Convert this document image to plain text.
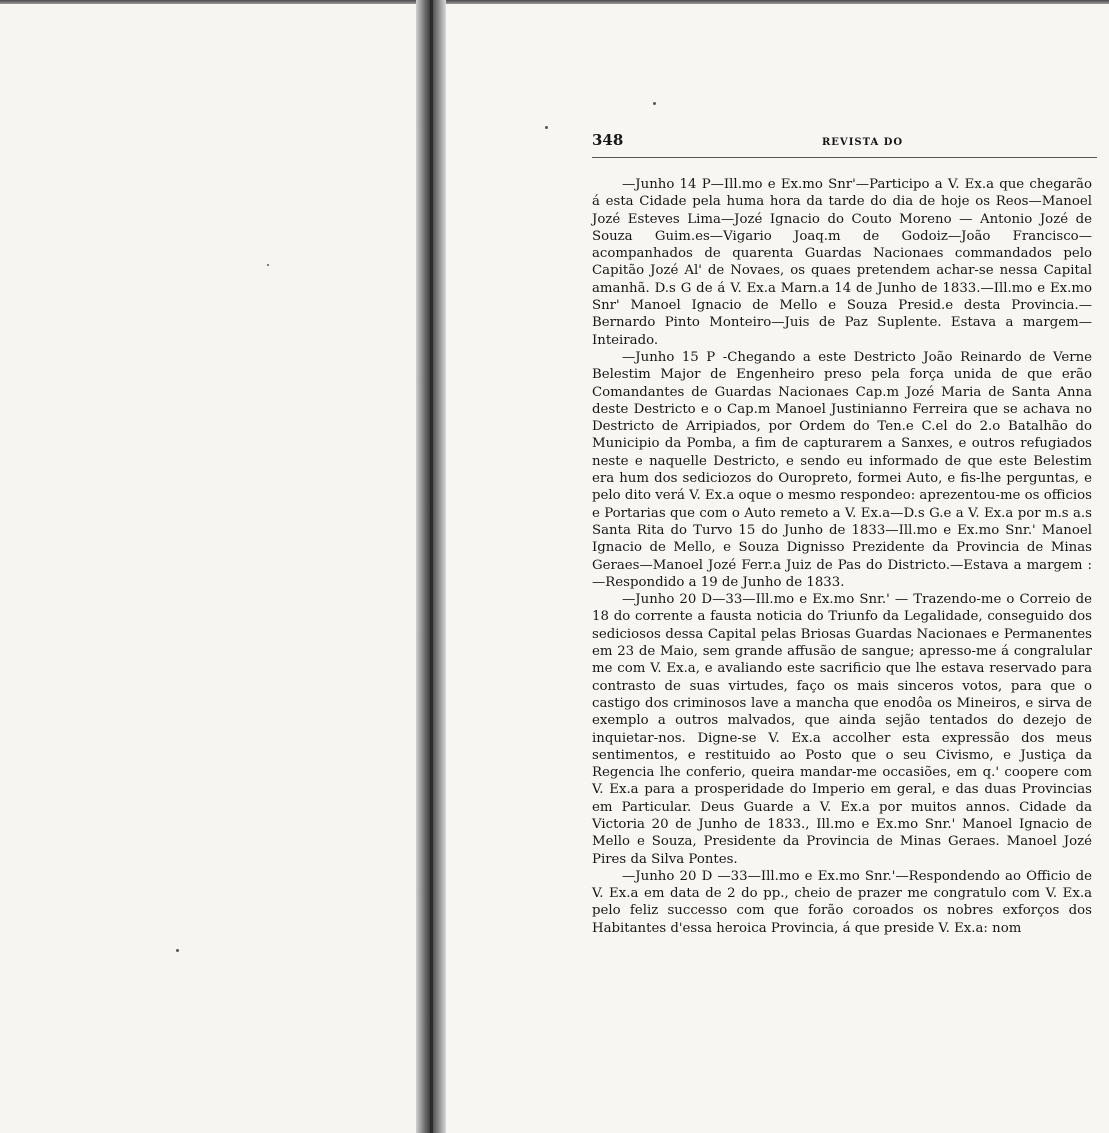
348	REVISTA DO

—Junho 14 P—Ill.mo e Ex.mo Snr'—Participo a V. Ex.a que chegarão á esta Cidade pela huma hora da tarde do dia de hoje os Reos—Manoel Jozé Esteves Lima—Jozé Ignacio do Couto Moreno — Antonio Jozé de Souza Guim.es—Vigario Joaq.m de Godoiz—João Francisco—acompanhados de quarenta Guardas Nacionaes commandados pelo Capitão Jozé Al' de Novaes, os quaes pretendem achar-se nessa Capital amanhã. D.s G de á V. Ex.a Marn.a 14 de Junho de 1833.—Ill.mo e Ex.mo Snr' Manoel Ignacio de Mello e Souza Presid.e desta Provincia.—Bernardo Pinto Monteiro—Juis de Paz Suplente. Estava a margem—Inteirado.

—Junho 15 P -Chegando a este Destricto João Reinardo de Verne Belestim Major de Engenheiro preso pela força unida de que erão Comandantes de Guardas Nacionaes Cap.m Jozé Maria de Santa Anna deste Destricto e o Cap.m Manoel Justinianno Ferreira que se achava no Destricto de Arripiados, por Ordem do Ten.e C.el do 2.o Batalhão do Municipio da Pomba, a fim de capturarem a Sanxes, e outros refugiados neste e naquelle Destricto, e sendo eu informado de que este Belestim era hum dos sediciozos do Ouropreto, formei Auto, e fis-lhe perguntas, e pelo dito verá V. Ex.a oque o mesmo respondeo: aprezentou-me os officios e Portarias que com o Auto remeto a V. Ex.a—D.s G.e a V. Ex.a por m.s a.s Santa Rita do Turvo 15 do Junho de 1833—Ill.mo e Ex.mo Snr.' Manoel Ignacio de Mello, e Souza Dignisso Prezidente da Provincia de Minas Geraes—Manoel Jozé Ferr.a Juiz de Pas do Districto.—Estava a margem :—Respondido a 19 de Junho de 1833.

—Junho 20 D—33—Ill.mo e Ex.mo Snr.' — Trazendo-me o Correio de 18 do corrente a fausta noticia do Triunfo da Legalidade, conseguido dos sediciosos dessa Capital pelas Briosas Guardas Nacionaes e Permanentes em 23 de Maio, sem grande affusão de sangue; apresso-me á congralular me com V. Ex.a, e avaliando este sacrificio que lhe estava reservado para contrasto de suas virtudes, faço os mais sinceros votos, para que o castigo dos criminosos lave a mancha que enodôa os Mineiros, e sirva de exemplo a outros malvados, que ainda sejão tentados do dezejo de inquietar-nos. Digne-se V. Ex.a accolher esta expressão dos meus sentimentos, e restituido ao Posto que o seu Civismo, e Justiça da Regencia lhe conferio, queira mandar-me occasiões, em q.' coopere com V. Ex.a para a prosperidade do Imperio em geral, e das duas Provincias em Particular. Deus Guarde a V. Ex.a por muitos annos. Cidade da Victoria 20 de Junho de 1833., Ill.mo e Ex.mo Snr.' Manoel Ignacio de Mello e Souza, Presidente da Provincia de Minas Geraes. Manoel Jozé Pires da Silva Pontes.

—Junho 20 D —33—Ill.mo e Ex.mo Snr.'—Respondendo ao Officio de V. Ex.a em data de 2 do pp., cheio de prazer me congratulo com V. Ex.a pelo feliz successo com que forão coroados os nobres exforços dos Habitantes d'essa heroica Provincia, á que preside V. Ex.a: nom
